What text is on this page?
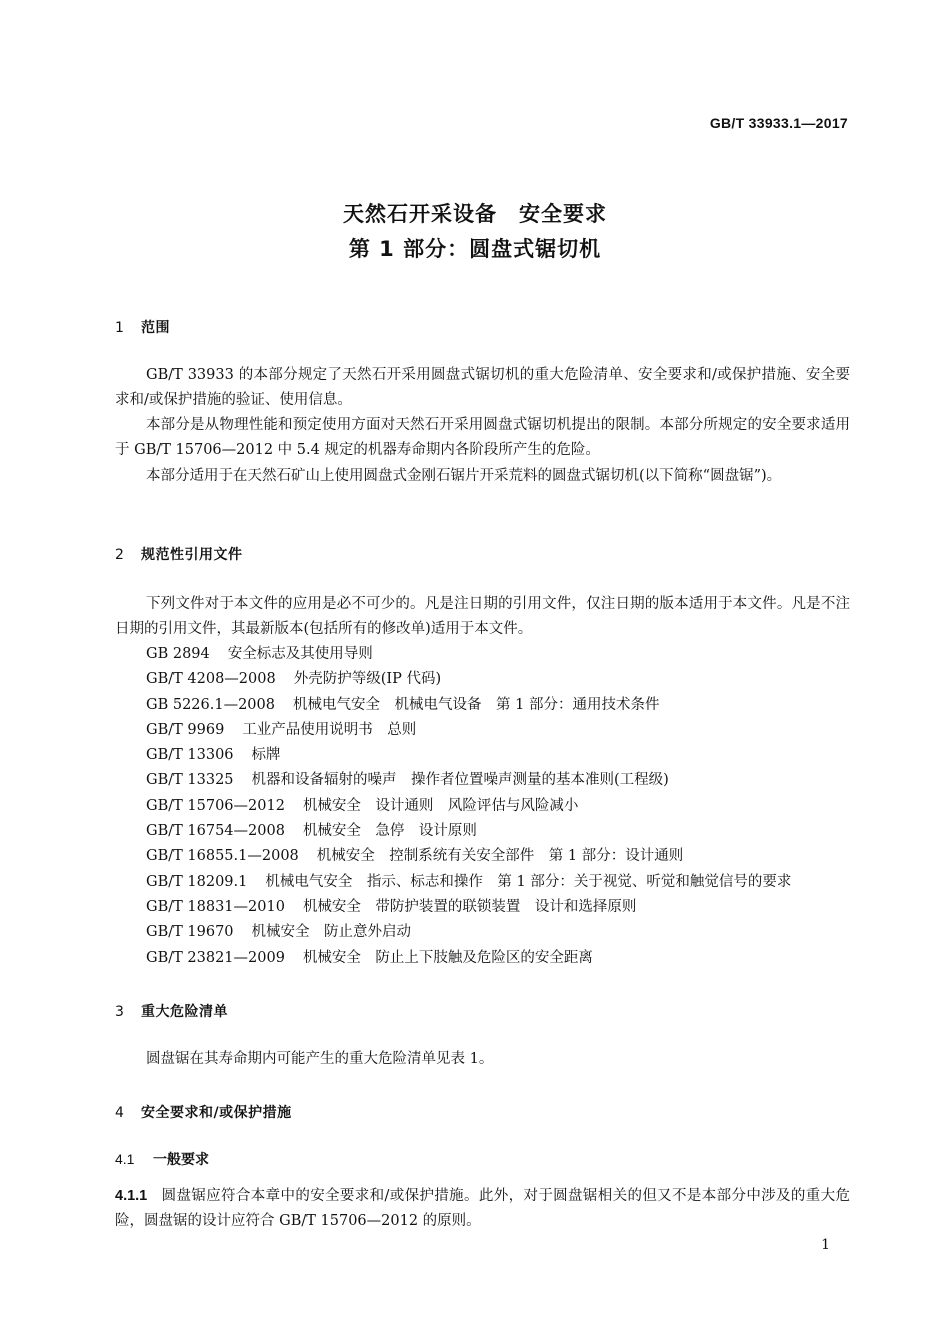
GB/T 33933.1—2017
天然石开采设备　安全要求
第 1 部分：圆盘式锯切机
1 范围

GB/T 33933 的本部分规定了天然石开采用圆盘式锯切机的重大危险清单、安全要求和/或保护措施、安全要求和/或保护措施的验证、使用信息。

本部分是从物理性能和预定使用方面对天然石开采用圆盘式锯切机提出的限制。本部分所规定的安全要求适用于 GB/T 15706—2012 中 5.4 规定的机器寿命期内各阶段所产生的危险。

本部分适用于在天然石矿山上使用圆盘式金刚石锯片开采荒料的圆盘式锯切机(以下简称“圆盘锯”)。

2 规范性引用文件

下列文件对于本文件的应用是必不可少的。凡是注日期的引用文件，仅注日期的版本适用于本文件。凡是不注日期的引用文件，其最新版本(包括所有的修改单)适用于本文件。

GB 2894 安全标志及其使用导则
GB/T 4208—2008 外壳防护等级(IP 代码)
GB 5226.1—2008 机械电气安全　机械电气设备　第 1 部分：通用技术条件
GB/T 9969 工业产品使用说明书　总则
GB/T 13306 标牌
GB/T 13325 机器和设备辐射的噪声　操作者位置噪声测量的基本准则(工程级)
GB/T 15706—2012 机械安全　设计通则　风险评估与风险减小
GB/T 16754—2008 机械安全　急停　设计原则
GB/T 16855.1—2008 机械安全　控制系统有关安全部件　第 1 部分：设计通则
GB/T 18209.1 机械电气安全　指示、标志和操作　第 1 部分：关于视觉、听觉和触觉信号的要求
GB/T 18831—2010 机械安全　带防护装置的联锁装置　设计和选择原则
GB/T 19670 机械安全　防止意外启动
GB/T 23821—2009 机械安全　防止上下肢触及危险区的安全距离
3 重大危险清单

圆盘锯在其寿命期内可能产生的重大危险清单见表 1。

4 安全要求和/或保护措施
4.1 一般要求

4.1.1 圆盘锯应符合本章中的安全要求和/或保护措施。此外，对于圆盘锯相关的但又不是本部分中涉及的重大危险，圆盘锯的设计应符合 GB/T 15706—2012 的原则。

1
